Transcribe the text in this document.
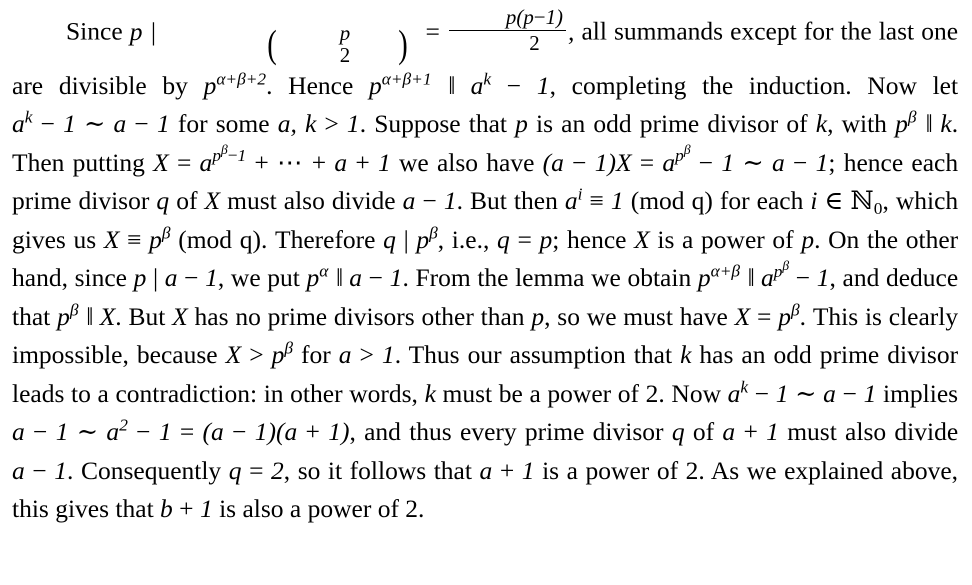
Since p |	(	p
2 ) = $\frac{p(p-1)}{2}$ , all summands except for the last one are divisible by $p^{\alpha+\beta+2}$. Hence $p^{\alpha+\beta+1}$ ‖ $a^k - 1$, completing the induction. Now let $a^k - 1$ ∼ a − 1 for some a, k > 1. Suppose that p is an odd prime divisor of k, with $p^\beta$ ‖ k. Then putting $X = a^{p^\beta-1}$ + ⋯ + a + 1 we also have $(a - 1)X = a^{p^\beta} - 1$ ∼ a − 1; hence each prime divisor q of X must also divide a − 1. But then $a^i \equiv 1$ (mod q) for each i ∈ ℕ$_0$, which gives us $X \equiv p^\beta$ (mod q). Therefore q | $p^\beta$, i.e., q = p; hence X is a power of p. On the other hand, since p | a − 1, we put $p^\alpha$ ‖ a − 1. From the lemma we obtain $p^{\alpha+\beta}$ ‖ $a^{p^\beta} - 1$, and deduce that $p^\beta$ ‖ X. But X has no prime divisors other than p, so we must have $X = p^\beta$. This is clearly impossible, because $X > p^\beta$ for a > 1. Thus our assumption that k has an odd prime divisor leads to a contradiction: in other words, k must be a power of 2. Now $a^k - 1$ ∼ a − 1 implies a − 1 ∼ $a^2 - 1 = (a - 1)(a + 1)$, and thus every prime divisor q of a + 1 must also divide a − 1. Consequently q = 2, so it follows that a + 1 is a power of 2. As we explained above, this gives that b + 1 is also a power of 2.
